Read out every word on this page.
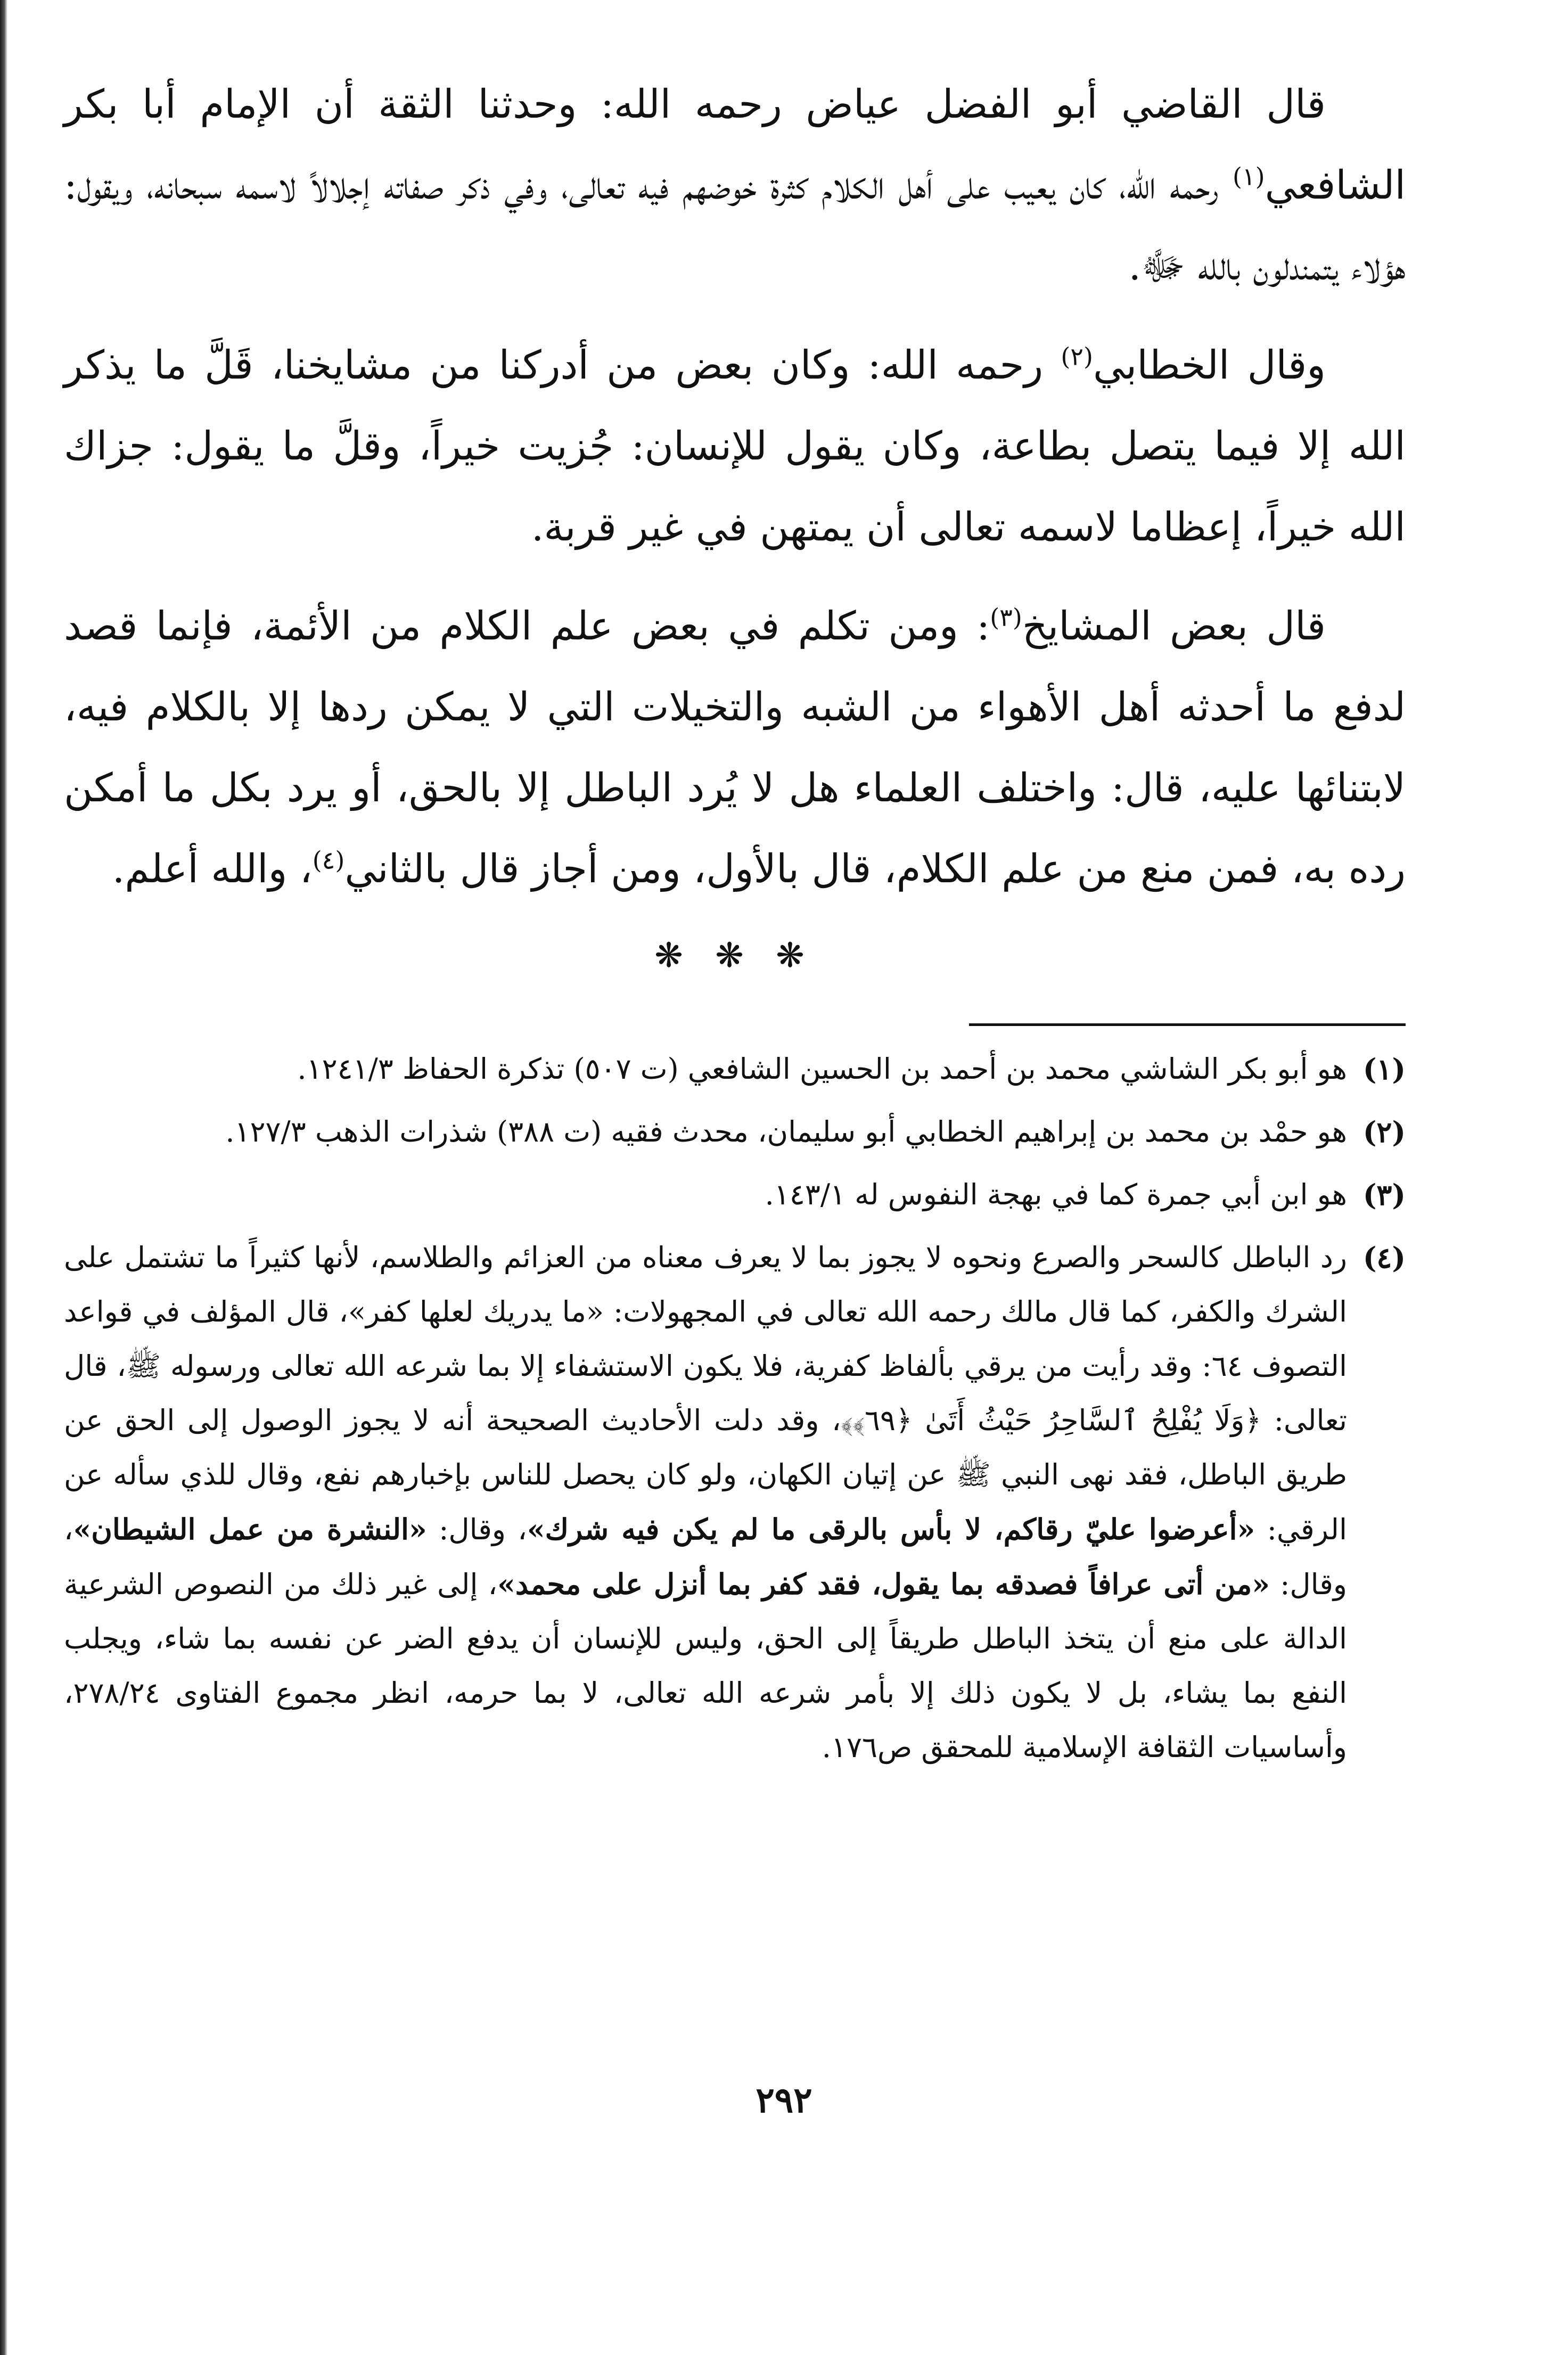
قال القاضي أبو الفضل عياض رحمه الله: وحدثنا الثقة أن الإمام أبا بكر الشافعي$^{(١)}$ رحمه الله، كان يعيب على أهل الكلام كثرة خوضهم فيه تعالى، وفي ذكر صفاته إجلالاً لاسمه سبحانه، ويقول: هؤلاء يتمندلون بالله ﷻ.

وقال الخطابي$^{(٢)}$ رحمه الله: وكان بعض من أدركنا من مشايخنا، قَلَّ ما يذكر الله إلا فيما يتصل بطاعة، وكان يقول للإنسان: جُزيت خيراً، وقلَّ ما يقول: جزاك الله خيراً، إعظاما لاسمه تعالى أن يمتهن في غير قربة.

قال بعض المشايخ$^{(٣)}$: ومن تكلم في بعض علم الكلام من الأئمة، فإنما قصد لدفع ما أحدثه أهل الأهواء من الشبه والتخيلات التي لا يمكن ردها إلا بالكلام فيه، لابتنائها عليه، قال: واختلف العلماء هل لا يُرد الباطل إلا بالحق، أو يرد بكل ما أمكن رده به، فمن منع من علم الكلام، قال بالأول، ومن أجاز قال بالثاني$^{(٤)}$، والله أعلم.

❋ ❋ ❋
(١)
هو أبو بكر الشاشي محمد بن أحمد بن الحسين الشافعي (ت ٥٠٧) تذكرة الحفاظ ١٢٤١/٣.
(٢)
هو حمْد بن محمد بن إبراهيم الخطابي أبو سليمان، محدث فقيه (ت ٣٨٨) شذرات الذهب ١٢٧/٣.
(٣)
هو ابن أبي جمرة كما في بهجة النفوس له ١٤٣/١.
(٤)
رد الباطل كالسحر والصرع ونحوه لا يجوز بما لا يعرف معناه من العزائم والطلاسم، لأنها كثيراً ما تشتمل على الشرك والكفر، كما قال مالك رحمه الله تعالى في المجهولات: «ما يدريك لعلها كفر»، قال المؤلف في قواعد التصوف ٦٤: وقد رأيت من يرقي بألفاظ كفرية، فلا يكون الاستشفاء إلا بما شرعه الله تعالى ورسوله ﷺ، قال تعالى: ﴿وَلَا يُفْلِحُ ٱلسَّاحِرُ حَيْثُ أَتَىٰ ﴿٦٩﴾﴾، وقد دلت الأحاديث الصحيحة أنه لا يجوز الوصول إلى الحق عن طريق الباطل، فقد نهى النبي ﷺ عن إتيان الكهان، ولو كان يحصل للناس بإخبارهم نفع، وقال للذي سأله عن الرقي: «أعرضوا عليّ رقاكم، لا بأس بالرقى ما لم يكن فيه شرك»، وقال: «النشرة من عمل الشيطان»، وقال: «من أتى عرافاً فصدقه بما يقول، فقد كفر بما أنزل على محمد»، إلى غير ذلك من النصوص الشرعية الدالة على منع أن يتخذ الباطل طريقاً إلى الحق، وليس للإنسان أن يدفع الضر عن نفسه بما شاء، ويجلب النفع بما يشاء، بل لا يكون ذلك إلا بأمر شرعه الله تعالى، لا بما حرمه، انظر مجموع الفتاوى ٢٧٨/٢٤، وأساسيات الثقافة الإسلامية للمحقق ص١٧٦.
٢٩٢
